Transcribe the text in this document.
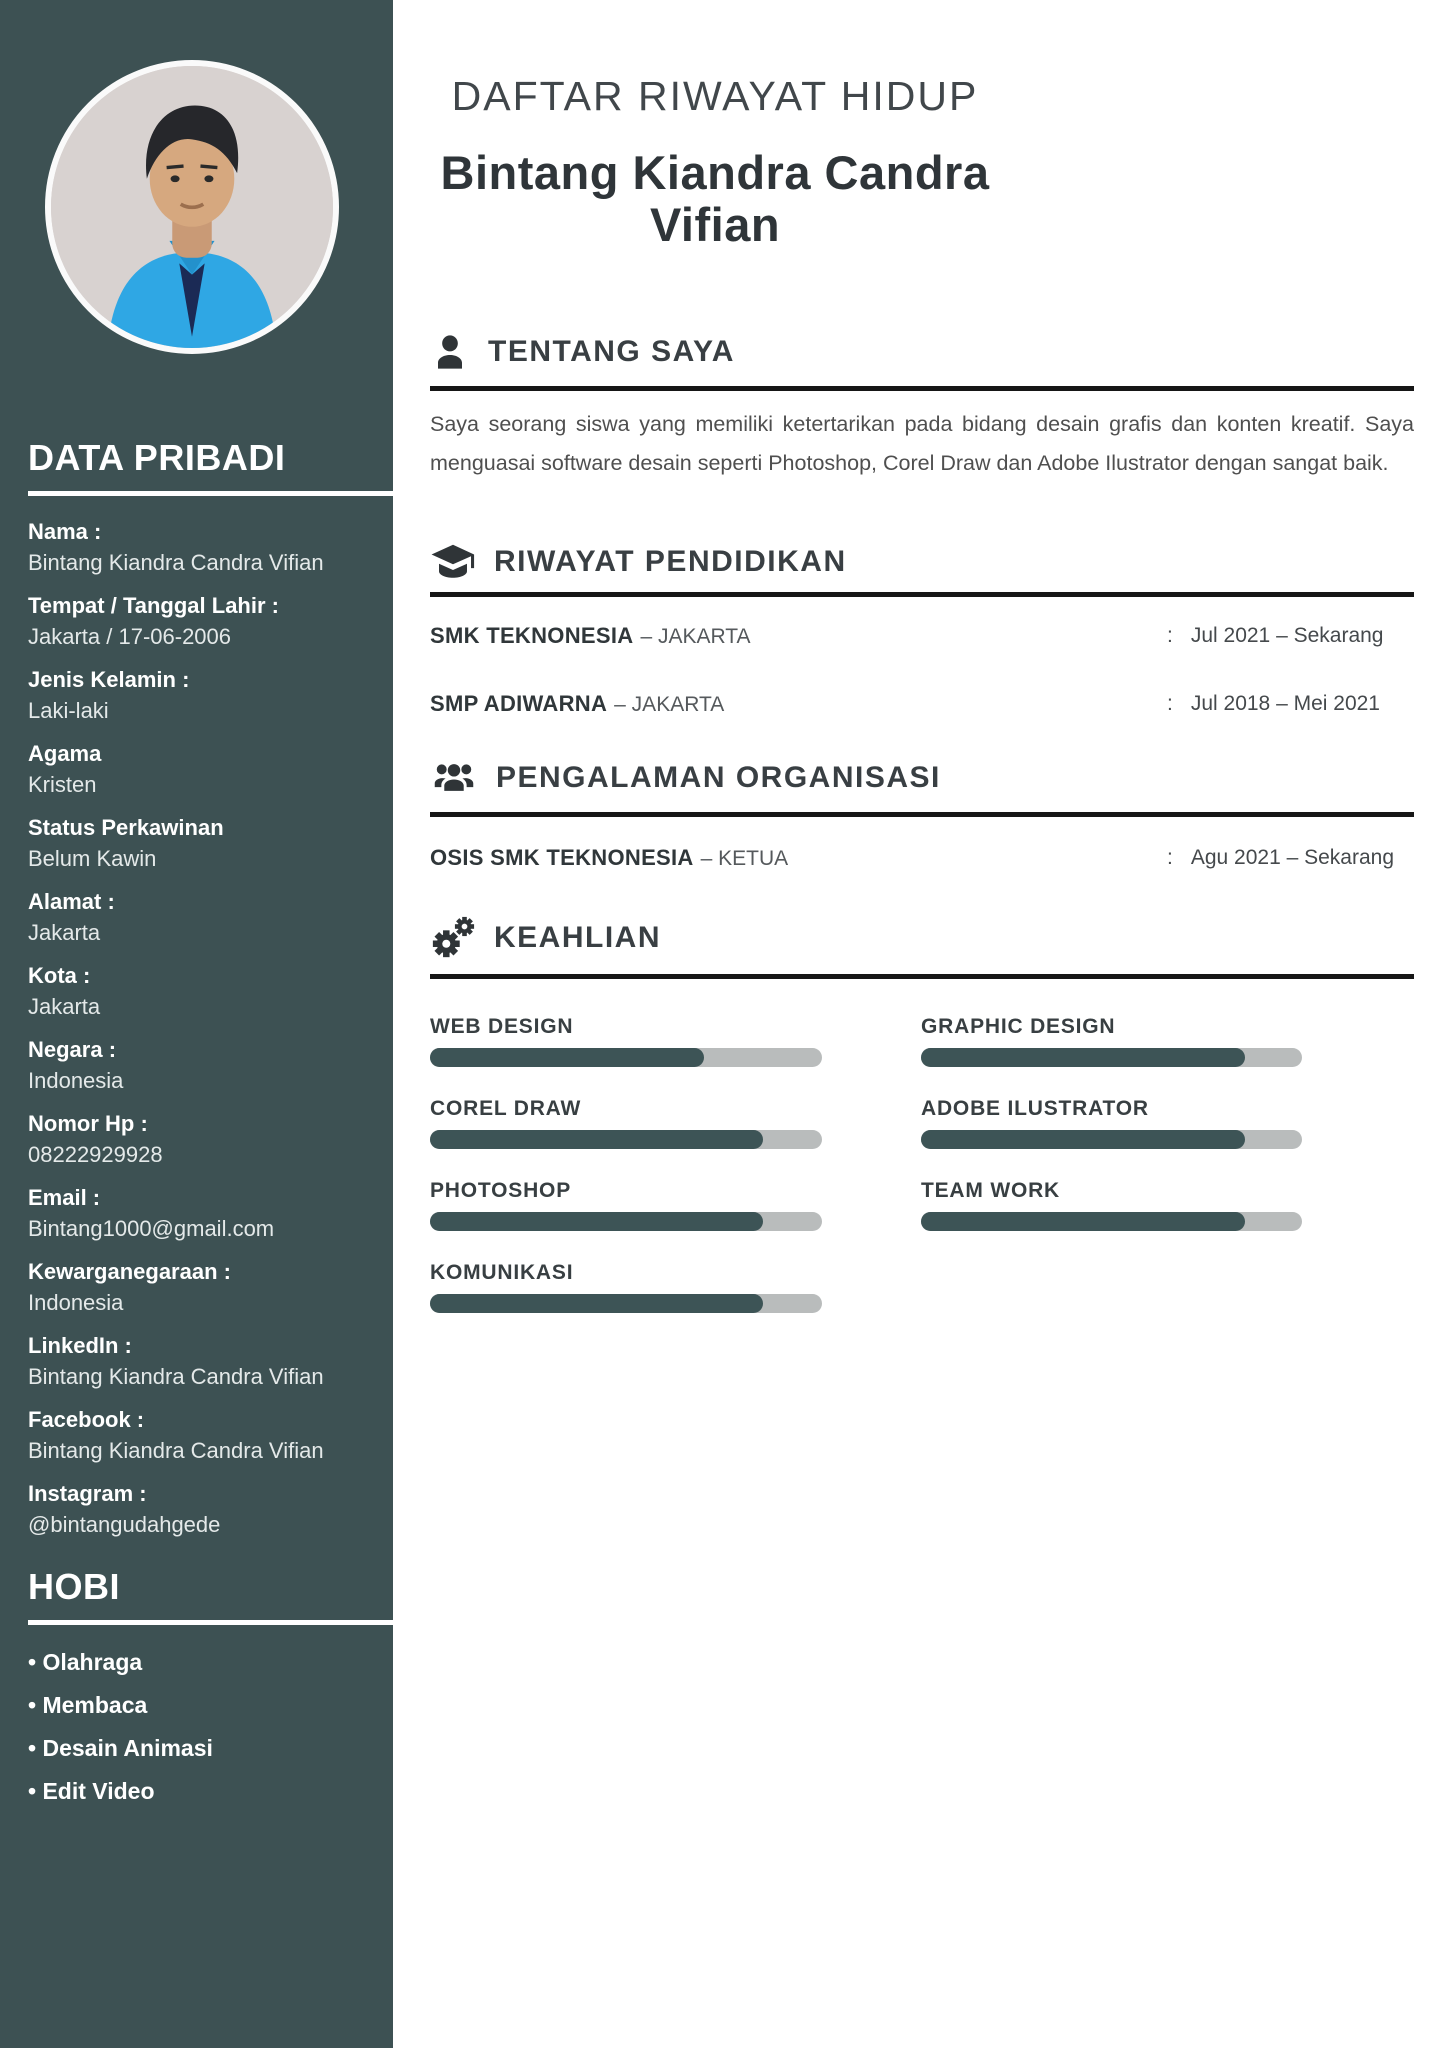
DATA PRIBADI
Nama :
Bintang Kiandra Candra Vifian
Tempat / Tanggal Lahir :
Jakarta / 17-06-2006
Jenis Kelamin :
Laki-laki
Agama
Kristen
Status Perkawinan
Belum Kawin
Alamat :
Jakarta
Kota :
Jakarta
Negara :
Indonesia
Nomor Hp :
08222929928
Email :
Bintang1000@gmail.com
Kewarganegaraan :
Indonesia
LinkedIn :
Bintang Kiandra Candra Vifian
Facebook :
Bintang Kiandra Candra Vifian
Instagram :
@bintangudahgede
HOBI
• Olahraga
• Membaca
• Desain Animasi
• Edit Video
DAFTAR RIWAYAT HIDUP
Bintang Kiandra Candra
Vifian
TENTANG SAYA
Saya seorang siswa yang memiliki ketertarikan pada bidang desain grafis dan konten kreatif. Saya menguasai software desain seperti Photoshop, Corel Draw dan Adobe Ilustrator dengan sangat baik.
RIWAYAT PENDIDIKAN
SMK TEKNONESIA – JAKARTA	: Jul 2021 – Sekarang
SMP ADIWARNA – JAKARTA	: Jul 2018 – Mei 2021
PENGALAMAN ORGANISASI
OSIS SMK TEKNONESIA – KETUA	: Agu 2021 – Sekarang
KEAHLIAN
WEB DESIGN
COREL DRAW
PHOTOSHOP
KOMUNIKASI
GRAPHIC DESIGN
ADOBE ILUSTRATOR
TEAM WORK
